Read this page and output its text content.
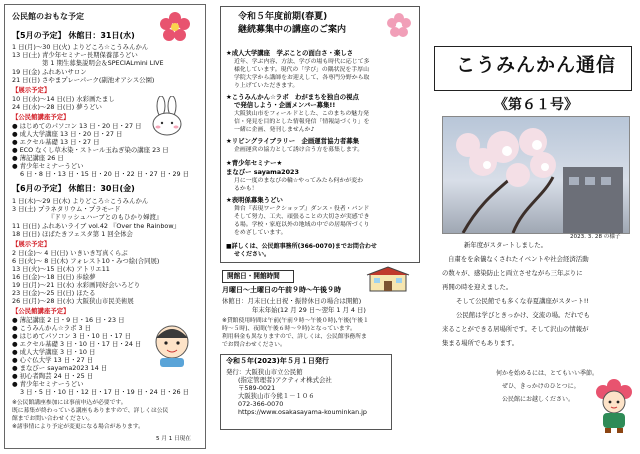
公民館のおもな予定
【5月の予定】 休館日：31日(水)
1 日(月)～30 日(火) よりどころ☆こうみんかん
13 日(土) 青少年セミナー長期保養部うどい
第 1 期生募集説明会＆SPECIALmini LIVE
19 日(金) ふれあいサロン
21 日(日) さやまプレーパーク(副池オアシス公園)
【展示予定】
10 日(水)～14 日(日) 水彩画たまし
24 日(水)～28 日(日) 夢うどい
【公民館講座予定】
● はじめてのパソコン 13 日・20 日・27 日
● 成人大学講座 13 日・20 日・27 日
● エクセル基礎 13 日・27 日
● ECO なくし草木染・ストール玉ねぎ染の講座 23 日
● 薄記講座 26 日
● 青少年セミナーうどい
6 日・8 日・13 日・15 日・20 日・22 日・27 日・29 日
【6月の予定】 休館日：30日(金)
1 日(木)～29 日(木) よりどころ☆こうみんかん
3 日(土) プラネタリウム・プラモード
『ドリッシュハーブとのもひかり婦渡』
11 日(日) ふれあいライブ vol.42 『Over the Rainbow』
18 日(日) ほばたきフェスタ第 1 回全体会
【展示予定】
2 日(金)～ 4 日(日) いきいき写真くらぶ
6 日(火)～ 8 日(木) フォレスト10・みつ絵(合同展)
13 日(火)～15 日(木) アトリエ11
16 日(金)～18 日(日) 歩絵夢
19 日(月)～21 日(水) 水彩画同好会いろどり
23 日(金)～25 日(日) ほたる
26 日(月)～28 日(水) 大阪狭山市民美術展
【公民館講座予定】
● 薄記講座 2 日・9 日・16 日・23 日
● こうみんかん☆ラボ 3 日
● はじめてパソコン 3 日・10 日・17 日
● エクセル基礎 3 日・10 日・17 日・24 日
● 成人大学講座 3 日・10 日
● 心ぐ仏大学 13 日・27 日
● まなびー sayama2023 14 日
● 初心者陶芸 24 日・25 日
● 青少年セミナーうどい
3 日・5 日・10 日・12 日・17 日・19 日・24 日・26 日
※公民館講座参加には事前申込が必要です。
既に募集が終わっている講座もありますので、詳しくは公民
館までお問い合わせください。
※諸事情により予定が変更になる場合があります。
5 月 1 日現在
令和５年度前期(春夏)
継続募集中の講座のご案内
★成人大学講座　学ぶことの面白さ・楽しさ
近年、学ぶ内容、方法、学びの場も時代に応じて多
様化しています。現代の「学び」の隅状況を手厚山
学院大学から講師をお迎えして、各専門分野から取
り上げていただきます。
★こうみんかん☆ラボ　わがまちを独自の視点
で発信しよう・企画メンバー募集!!
大阪狭山市をフィールドとした、このまちの魅力発
信・発見を目的とした情報発信「情報誌づくり」を
一緒に企画、発刊しませんか♪
★リビングライブラリー　企画運営協力者募集
企画運営の協力として誘け合う方を募集します。
★青少年セミナー★
まなびー sayama2023
月に一度のまなびの輪☆やってみたら何かが変わ
るかも！
★表明係募集うどい
舞台『表現ワークショップ』ダンス・役者・パンド
そして努力、工夫、頑張ることの大切さが実感でき
る場。学校・家庭以外の地域の中での居場所づくり
をめざしています。
■詳しくは、公民館事務所(366-0070)までお問合わせ
せください。
開館日・開館時間
月曜日～土曜日の午前９時～午後９時
休館日：月末日(土日祝・振替休日の場合は開館)
年末年始(12 月 29 日～翌年 1 月 4 日)
※貸館使用時間は午前(午前９時～午後０時),午後(午後１
時～５時)、夜間(午後６時～９時)となっています。
利用料金も異なりますので、詳しくは、公民館事務所ま
でお問合わせください。
令和５年(2023)年５月１日発行
発行：大阪狭山市立公民館
(指定管理者)アクティオ株式会社
〒589-0021
大阪狭山市今熊１－１０６
072-366-0070
https://www.osakasayama-kouminkan.jp
こうみんかん通信
《第６１号》
2023. 3. 28 の様子
新年度がスタートしました。
自粛をを余儀なくされたイベントや社会経済活動
の数々が、感染防止と両立させながら三年ぶりに
再開の時を迎えました。
そして公民館でも多くな春夏講座がスタート!!
公民館は学びときっかけ、交流の場。だれでも
来ることができる居場所です。そして沢山の情報が
集まる場所でもあります。
何かを始めるには、とてもいい季節。
ぜひ、きっかけのひとつに。
公民館にお越しください。
